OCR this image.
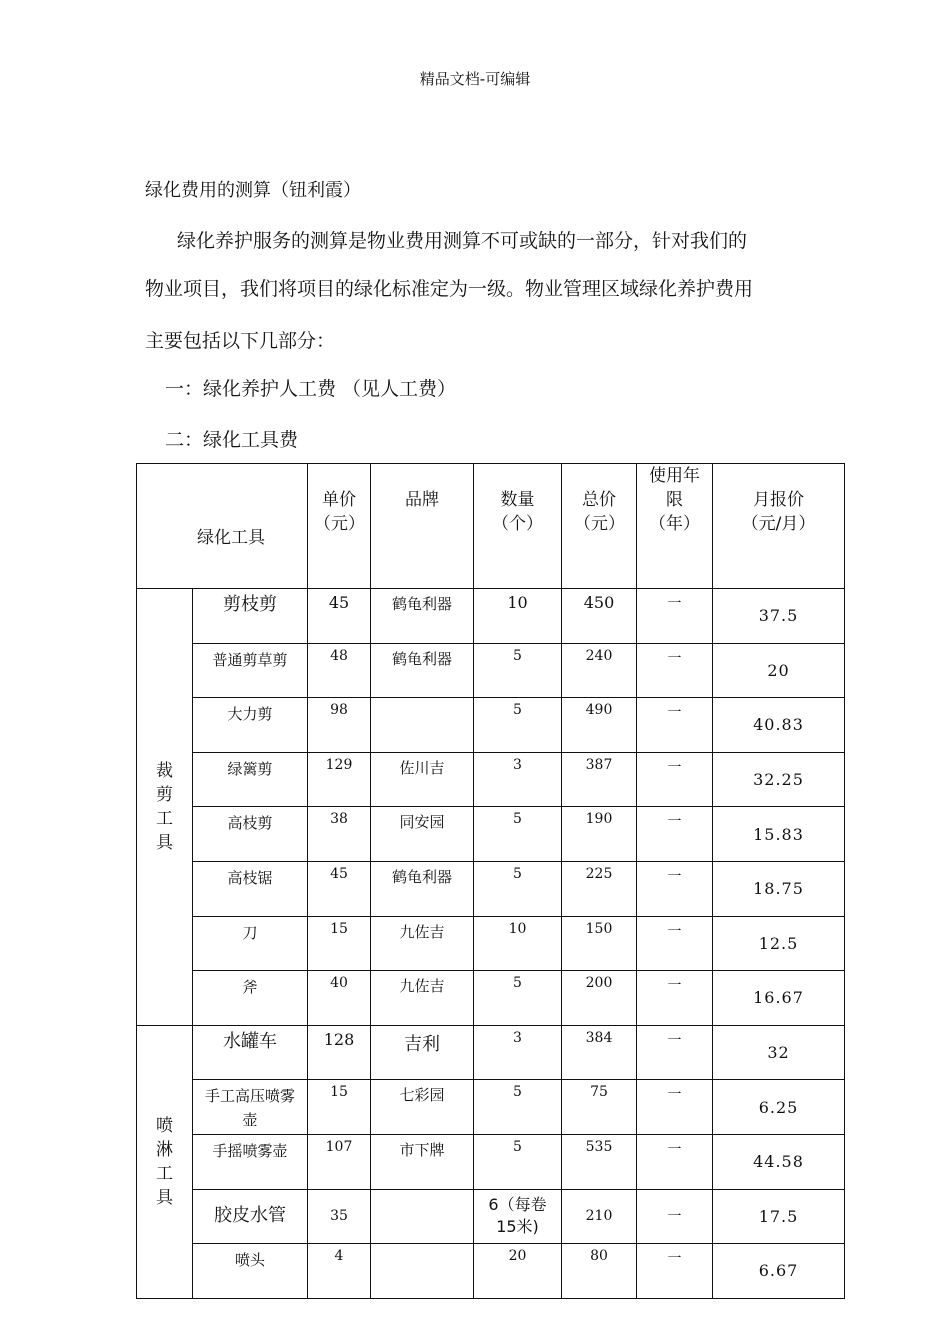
精品文档-可编辑
绿化费用的测算（钮利霞）
绿化养护服务的测算是物业费用测算不可或缺的一部分，针对我们的
物业项目，我们将项目的绿化标准定为一级。物业管理区域绿化养护费用
主要包括以下几部分：
一：绿化养护人工费 （见人工费）
二：绿化工具费
绿化工具		单价（元）	品牌	数量（个）	总价（元）	使用年限（年）	月报价（元/月）

裁剪工具	剪枝剪	45	鹤龟利器	10	450	一	37.5
	普通剪草剪	48	鹤龟利器	5	240	一	20
	大力剪	98		5	490	一	40.83
	绿篱剪	129	佐川吉	3	387	一	32.25
	高枝剪	38	同安园	5	190	一	15.83
	高枝锯	45	鹤龟利器	5	225	一	18.75
	刀	15	九佐吉	10	150	一	12.5
	斧	40	九佐吉	5	200	一	16.67

喷淋工具	水罐车	128	吉利	3	384	一	32
	手工高压喷雾壶	15	七彩园	5	75	一	6.25
	手摇喷雾壶	107	市下牌	5	535	一	44.58
	胶皮水管	35		6（每卷15米)	210	一	17.5
	喷头	4		20	80	一	6.67
